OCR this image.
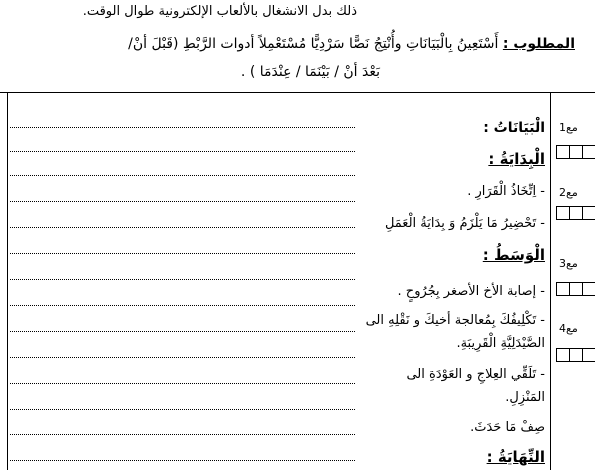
ذلك بدل الانشغال بالألعاب الإلكترونية طوال الوقت.
المطلوب : أَسْتَعِينُ بِالْبَيَانَاتِ وأُنْتِجُ نَصًّا سَرْدِيًّا مُسْتَعْمِلاً أدوات الرَّبْطِ (قَبْلَ أنْ/
بَعْدَ أنْ / بَيْنَمَا / عِنْدَمَا ) .
الْبَيَانَاتُ :
الْبِدَايَةُ :
- اِتِّخَاذُ الْقَرَارِ .
- تَحْضِيرُ مَا يَلْزَمُ وَ بِدَايَةُ الْعَمَلِ
الْوَسَطُ :
- إصابة الأخ الأصغر بِجُرُوحٍ .
- تَكْلِيفُكَ بِمُعالجة أخيكَ و نَقْلِهِ الى
الصَّيْدَلِيَّةِ الْقَرِيبَةِ.
- تَلَقِّي العِلاجِ و العَوْدَةِ الى
المَنْزِلِ.
صِفْ مَا حَدَثَ.
النِّهَايَةُ :
مع1
مع2
مع3
مع4
